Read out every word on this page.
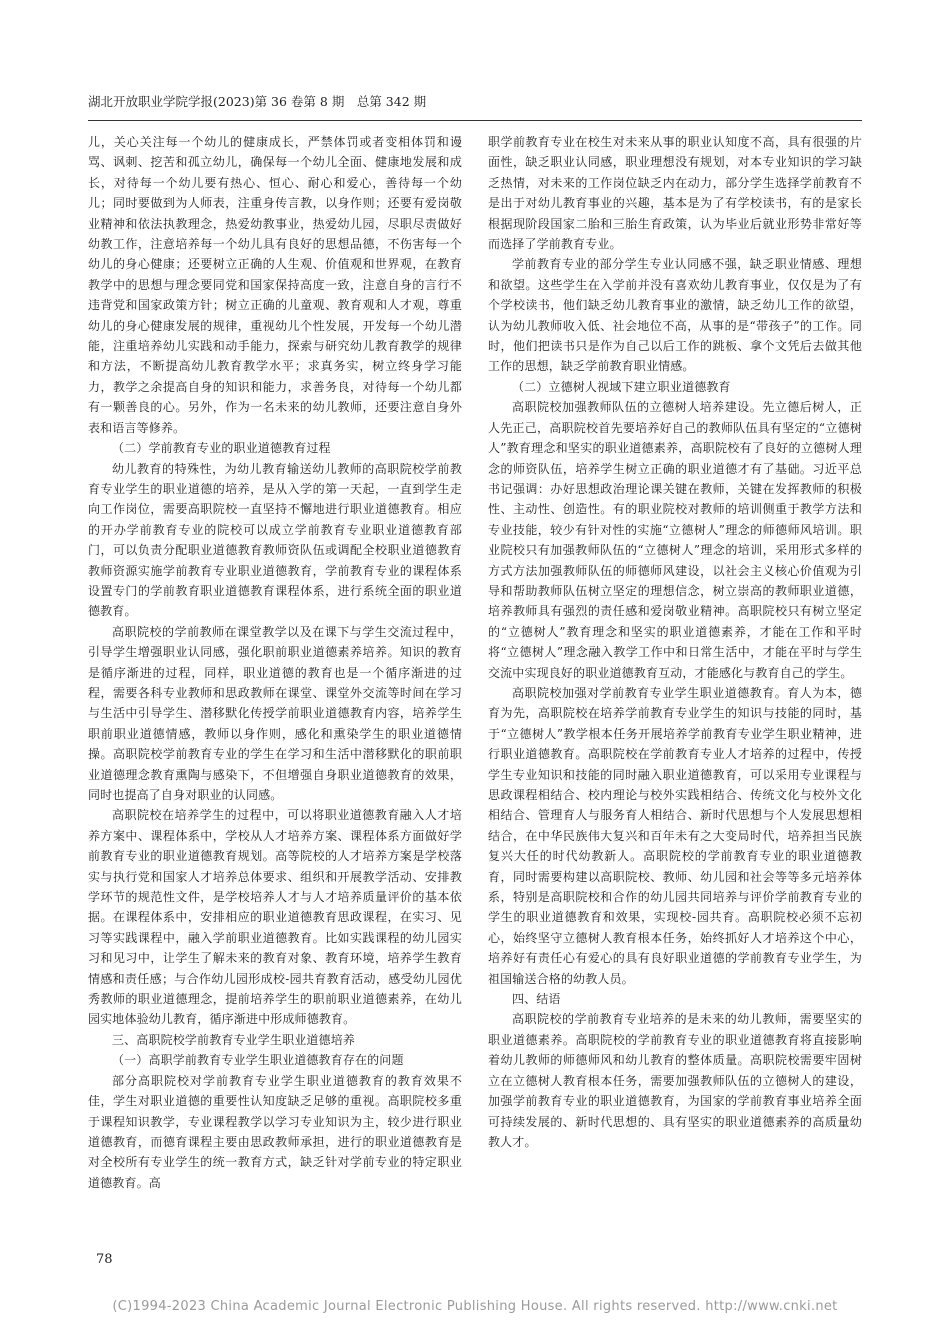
湖北开放职业学院学报(2023)第 36 卷第 8 期　总第 342 期

儿，关心关注每一个幼儿的健康成长，严禁体罚或者变相体罚和谩骂、讽刺、挖苦和孤立幼儿，确保每一个幼儿全面、健康地发展和成长，对待每一个幼儿要有热心、恒心、耐心和爱心，善待每一个幼儿；同时要做到为人师表，注重身传言教，以身作则；还要有爱岗敬业精神和依法执教理念，热爱幼教事业，热爱幼儿园，尽职尽责做好幼教工作，注意培养每一个幼儿具有良好的思想品德，不伤害每一个幼儿的身心健康；还要树立正确的人生观、价值观和世界观，在教育教学中的思想与理念要同党和国家保持高度一致，注意自身的言行不违背党和国家政策方针；树立正确的儿童观、教育观和人才观，尊重幼儿的身心健康发展的规律，重视幼儿个性发展，开发每一个幼儿潜能，注重培养幼儿实践和动手能力，探索与研究幼儿教育教学的规律和方法，不断提高幼儿教育教学水平；求真务实，树立终身学习能力，教学之余提高自身的知识和能力，求善务良，对待每一个幼儿都有一颗善良的心。另外，作为一名未来的幼儿教师，还要注意自身外表和语言等修养。

（二）学前教育专业的职业道德教育过程

幼儿教育的特殊性，为幼儿教育输送幼儿教师的高职院校学前教育专业学生的职业道德的培养，是从入学的第一天起，一直到学生走向工作岗位，需要高职院校一直坚持不懈地进行职业道德教育。相应的开办学前教育专业的院校可以成立学前教育专业职业道德教育部门，可以负责分配职业道德教育教师资队伍或调配全校职业道德教育教师资源实施学前教育专业职业道德教育，学前教育专业的课程体系设置专门的学前教育职业道德教育课程体系，进行系统全面的职业道德教育。

高职院校的学前教师在课堂教学以及在课下与学生交流过程中，引导学生增强职业认同感，强化职前职业道德素养培养。知识的教育是循序渐进的过程，同样，职业道德的教育也是一个循序渐进的过程，需要各科专业教师和思政教师在课堂、课堂外交流等时间在学习与生活中引导学生、潜移默化传授学前职业道德教育内容，培养学生职前职业道德情感，教师以身作则，感化和熏染学生的职业道德情操。高职院校学前教育专业的学生在学习和生活中潜移默化的职前职业道德理念教育熏陶与感染下，不但增强自身职业道德教育的效果，同时也提高了自身对职业的认同感。

高职院校在培养学生的过程中，可以将职业道德教育融入人才培养方案中、课程体系中，学校从人才培养方案、课程体系方面做好学前教育专业的职业道德教育规划。高等院校的人才培养方案是学校落实与执行党和国家人才培养总体要求、组织和开展教学活动、安排教学环节的规范性文件，是学校培养人才与人才培养质量评价的基本依据。在课程体系中，安排相应的职业道德教育思政课程，在实习、见习等实践课程中，融入学前职业道德教育。比如实践课程的幼儿园实习和见习中，让学生了解未来的教育对象、教育环境，培养学生教育情感和责任感；与合作幼儿园形成校-园共育教育活动，感受幼儿园优秀教师的职业道德理念，提前培养学生的职前职业道德素养，在幼儿园实地体验幼儿教育，循序渐进中形成师德教育。

三、高职院校学前教育专业学生职业道德培养

（一）高职学前教育专业学生职业道德教育存在的问题

部分高职院校对学前教育专业学生职业道德教育的教育效果不佳，学生对职业道德的重要性认知度缺乏足够的重视。高职院校多重于课程知识教学，专业课程教学以学习专业知识为主，较少进行职业道德教育，而德育课程主要由思政教师承担，进行的职业道德教育是对全校所有专业学生的统一教育方式，缺乏针对学前专业的特定职业道德教育。高

职学前教育专业在校生对未来从事的职业认知度不高，具有很强的片面性，缺乏职业认同感，职业理想没有规划，对本专业知识的学习缺乏热情，对未来的工作岗位缺乏内在动力，部分学生选择学前教育不是出于对幼儿教育事业的兴趣，基本是为了有学校读书，有的是家长根据现阶段国家二胎和三胎生育政策，认为毕业后就业形势非常好等而选择了学前教育专业。

学前教育专业的部分学生专业认同感不强，缺乏职业情感、理想和欲望。这些学生在入学前并没有喜欢幼儿教育事业，仅仅是为了有个学校读书，他们缺乏幼儿教育事业的激情，缺乏幼儿工作的欲望，认为幼儿教师收入低、社会地位不高，从事的是“带孩子”的工作。同时，他们把读书只是作为自己以后工作的跳板、拿个文凭后去做其他工作的思想，缺乏学前教育职业情感。

（二）立德树人视域下建立职业道德教育

高职院校加强教师队伍的立德树人培养建设。先立德后树人，正人先正己，高职院校首先要培养好自己的教师队伍具有坚定的“立德树人”教育理念和坚实的职业道德素养，高职院校有了良好的立德树人理念的师资队伍，培养学生树立正确的职业道德才有了基础。习近平总书记强调：办好思想政治理论课关键在教师，关键在发挥教师的积极性、主动性、创造性。有的职业院校对教师的培训侧重于教学方法和专业技能，较少有针对性的实施“立德树人”理念的师德师风培训。职业院校只有加强教师队伍的“立德树人”理念的培训，采用形式多样的方式方法加强教师队伍的师德师风建设，以社会主义核心价值观为引导和帮助教师队伍树立坚定的理想信念，树立崇高的教师职业道德，培养教师具有强烈的责任感和爱岗敬业精神。高职院校只有树立坚定的“立德树人”教育理念和坚实的职业道德素养，才能在工作和平时将“立德树人”理念融入教学工作中和日常生活中，才能在平时与学生交流中实现良好的职业道德教育互动，才能感化与教育自己的学生。

高职院校加强对学前教育专业学生职业道德教育。育人为本，德育为先，高职院校在培养学前教育专业学生的知识与技能的同时，基于“立德树人”教学根本任务开展培养学前教育专业学生职业精神，进行职业道德教育。高职院校在学前教育专业人才培养的过程中，传授学生专业知识和技能的同时融入职业道德教育，可以采用专业课程与思政课程相结合、校内理论与校外实践相结合、传统文化与校外文化相结合、管理育人与服务育人相结合、新时代思想与个人发展思想相结合，在中华民族伟大复兴和百年未有之大变局时代，培养担当民族复兴大任的时代幼教新人。高职院校的学前教育专业的职业道德教育，同时需要构建以高职院校、教师、幼儿园和社会等等多元培养体系，特别是高职院校和合作的幼儿园共同培养与评价学前教育专业的学生的职业道德教育和效果，实现校-园共育。高职院校必须不忘初心，始终坚守立德树人教育根本任务，始终抓好人才培养这个中心，培养好有责任心有爱心的具有良好职业道德的学前教育专业学生，为祖国输送合格的幼教人员。

四、结语

高职院校的学前教育专业培养的是未来的幼儿教师，需要坚实的职业道德素养。高职院校的学前教育专业的职业道德教育将直接影响着幼儿教师的师德师风和幼儿教育的整体质量。高职院校需要牢固树立在立德树人教育根本任务，需要加强教师队伍的立德树人的建设，加强学前教育专业的职业道德教育，为国家的学前教育事业培养全面可持续发展的、新时代思想的、具有坚实的职业道德素养的高质量幼教人才。

78
(C)1994-2023 China Academic Journal Electronic Publishing House. All rights reserved. http://www.cnki.net
